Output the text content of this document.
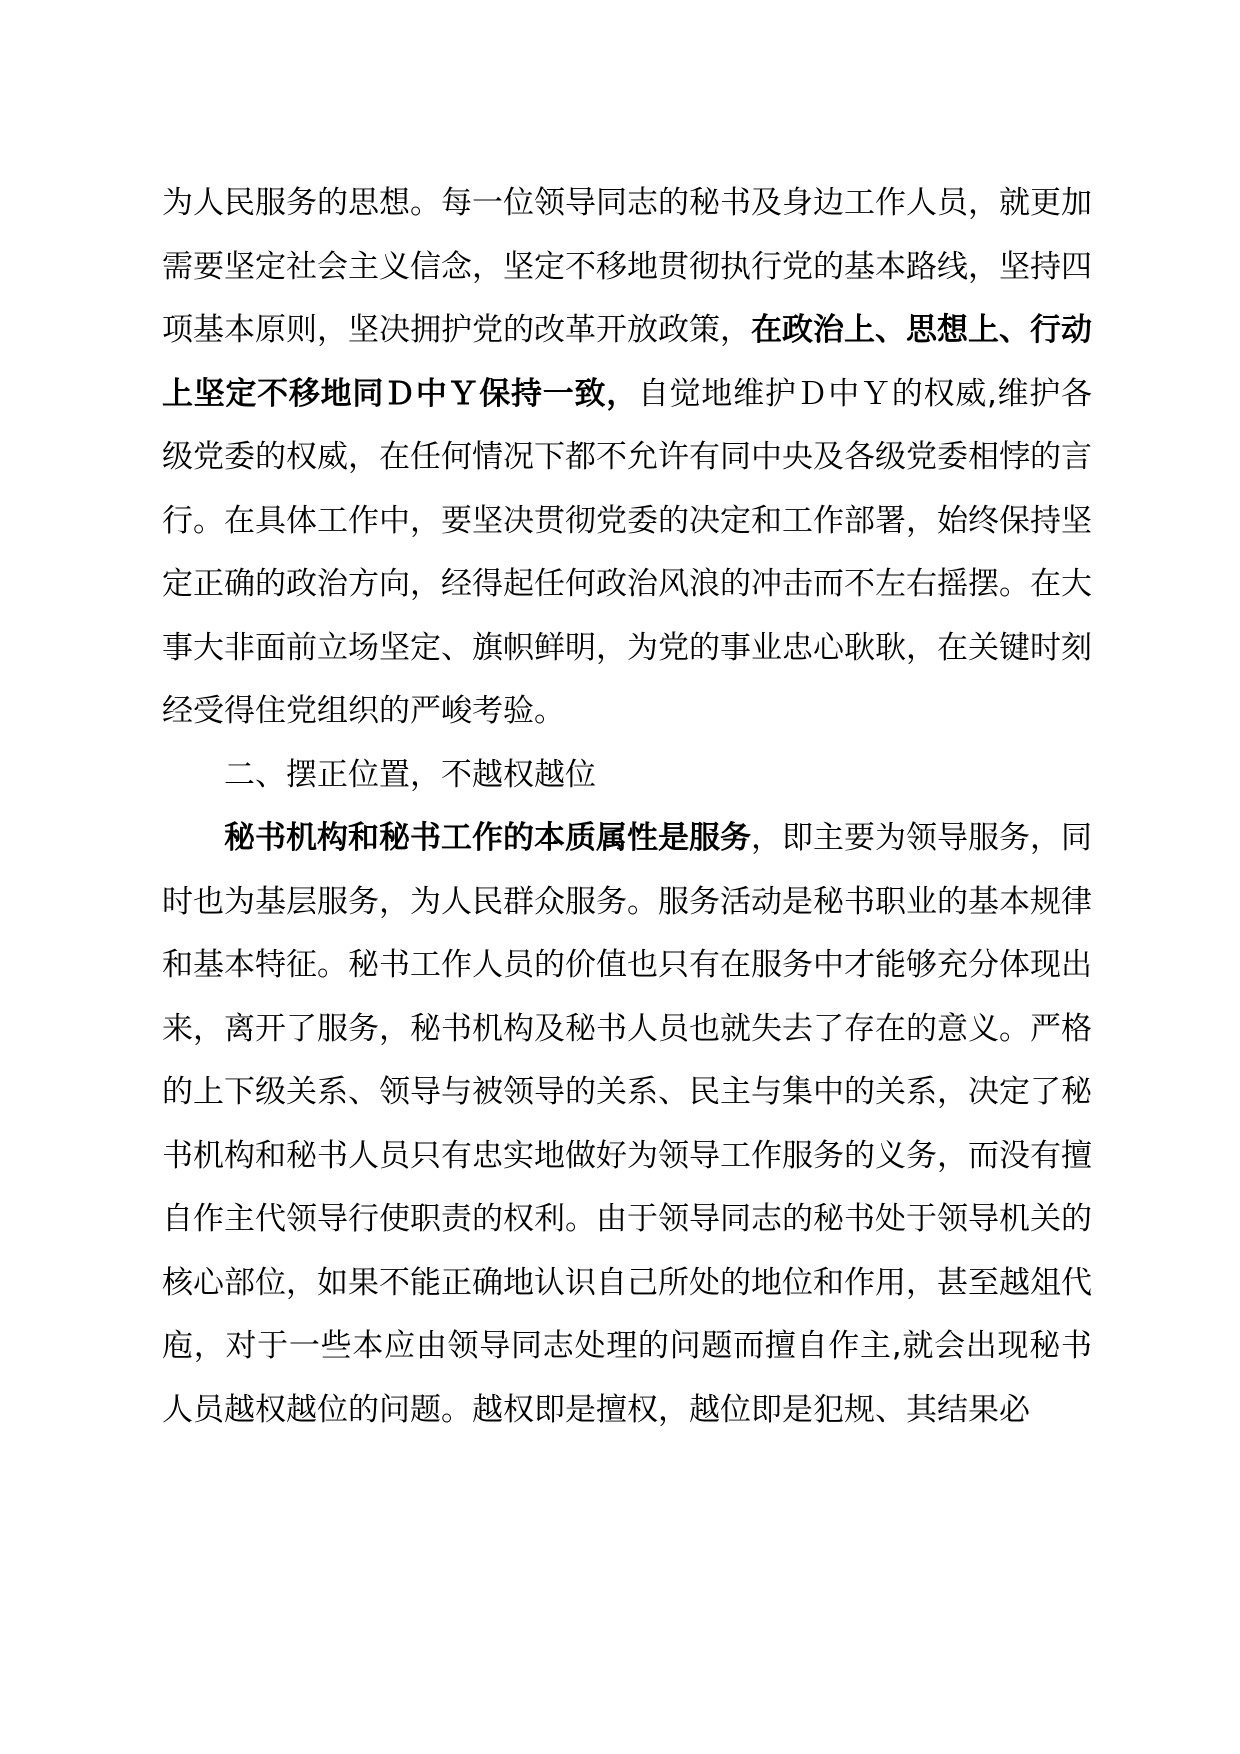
为人民服务的思想。每一位领导同志的秘书及身边工作人员，就更加需要坚定社会主义信念，坚定不移地贯彻执行党的基本路线，坚持四项基本原则，坚决拥护党的改革开放政策，在政治上、思想上、行动上坚定不移地同Ｄ中Ｙ保持一致，自觉地维护Ｄ中Ｙ的权威,维护各级党委的权威，在任何情况下都不允许有同中央及各级党委相悖的言行。在具体工作中，要坚决贯彻党委的决定和工作部署，始终保持坚定正确的政治方向，经得起任何政治风浪的冲击而不左右摇摆。在大事大非面前立场坚定、旗帜鲜明，为党的事业忠心耿耿，在关键时刻经受得住党组织的严峻考验。

二、摆正位置，不越权越位

秘书机构和秘书工作的本质属性是服务，即主要为领导服务，同时也为基层服务，为人民群众服务。服务活动是秘书职业的基本规律和基本特征。秘书工作人员的价值也只有在服务中才能够充分体现出来，离开了服务，秘书机构及秘书人员也就失去了存在的意义。严格的上下级关系、领导与被领导的关系、民主与集中的关系，决定了秘书机构和秘书人员只有忠实地做好为领导工作服务的义务，而没有擅自作主代领导行使职责的权利。由于领导同志的秘书处于领导机关的核心部位，如果不能正确地认识自己所处的地位和作用，甚至越俎代庖，对于一些本应由领导同志处理的问题而擅自作主,就会出现秘书人员越权越位的问题。越权即是擅权，越位即是犯规、其结果必
